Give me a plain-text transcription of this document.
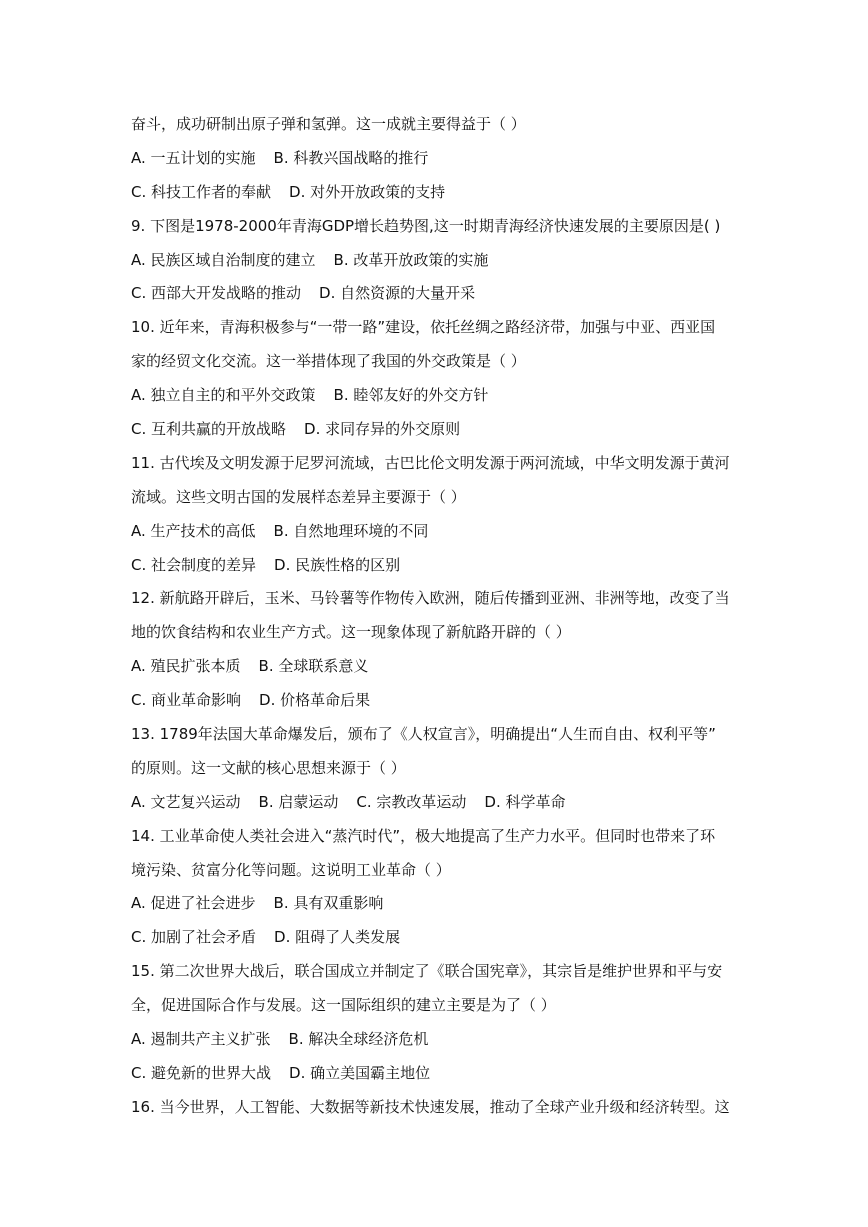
奋斗，成功研制出原子弹和氢弹。这一成就主要得益于（ ）
A. 一五计划的实施 B. 科教兴国战略的推行
C. 科技工作者的奉献 D. 对外开放政策的支持
9. 下图是1978-2000年青海GDP增长趋势图,这一时期青海经济快速发展的主要原因是( )
A. 民族区域自治制度的建立 B. 改革开放政策的实施
C. 西部大开发战略的推动 D. 自然资源的大量开采
10. 近年来，青海积极参与“一带一路”建设，依托丝绸之路经济带，加强与中亚、西亚国
家的经贸文化交流。这一举措体现了我国的外交政策是（ ）
A. 独立自主的和平外交政策 B. 睦邻友好的外交方针
C. 互利共赢的开放战略 D. 求同存异的外交原则
11. 古代埃及文明发源于尼罗河流域，古巴比伦文明发源于两河流域，中华文明发源于黄河
流域。这些文明古国的发展样态差异主要源于（ ）
A. 生产技术的高低 B. 自然地理环境的不同
C. 社会制度的差异 D. 民族性格的区别
12. 新航路开辟后，玉米、马铃薯等作物传入欧洲，随后传播到亚洲、非洲等地，改变了当
地的饮食结构和农业生产方式。这一现象体现了新航路开辟的（ ）
A. 殖民扩张本质 B. 全球联系意义
C. 商业革命影响 D. 价格革命后果
13. 1789年法国大革命爆发后，颁布了《人权宣言》，明确提出“人生而自由、权利平等”
的原则。这一文献的核心思想来源于（ ）
A. 文艺复兴运动 B. 启蒙运动 C. 宗教改革运动 D. 科学革命
14. 工业革命使人类社会进入“蒸汽时代”，极大地提高了生产力水平。但同时也带来了环
境污染、贫富分化等问题。这说明工业革命（ ）
A. 促进了社会进步 B. 具有双重影响
C. 加剧了社会矛盾 D. 阻碍了人类发展
15. 第二次世界大战后，联合国成立并制定了《联合国宪章》，其宗旨是维护世界和平与安
全，促进国际合作与发展。这一国际组织的建立主要是为了（ ）
A. 遏制共产主义扩张 B. 解决全球经济危机
C. 避免新的世界大战 D. 确立美国霸主地位
16. 当今世界，人工智能、大数据等新技术快速发展，推动了全球产业升级和经济转型。这
